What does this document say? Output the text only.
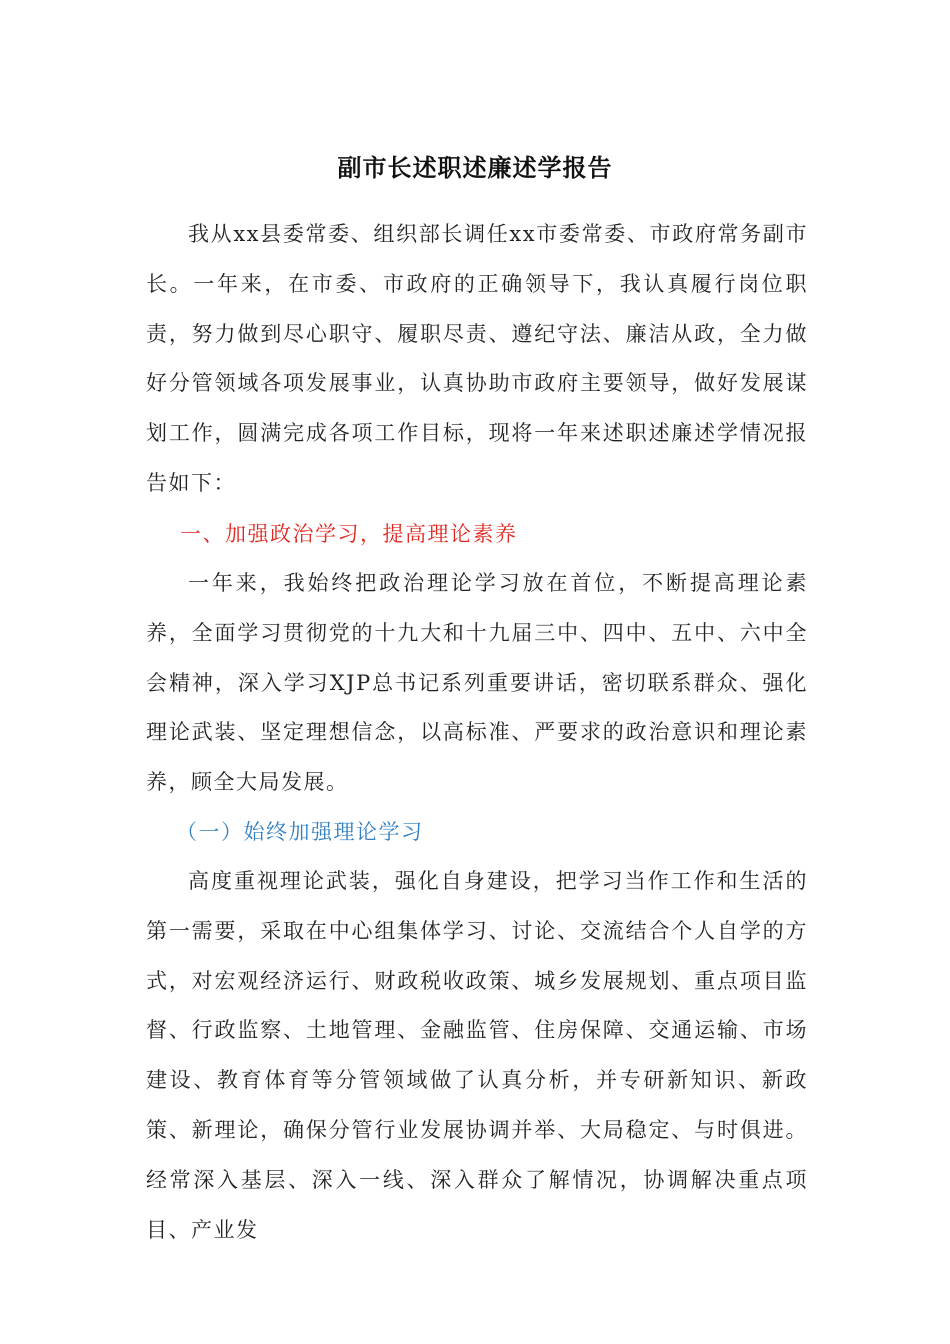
副市长述职述廉述学报告
我从xx县委常委、组织部长调任xx市委常委、市政府常务副市长。一年来，在市委、市政府的正确领导下，我认真履行岗位职责，努力做到尽心职守、履职尽责、遵纪守法、廉洁从政，全力做好分管领域各项发展事业，认真协助市政府主要领导，做好发展谋划工作，圆满完成各项工作目标，现将一年来述职述廉述学情况报告如下：
一、加强政治学习，提高理论素养
一年来，我始终把政治理论学习放在首位，不断提高理论素养，全面学习贯彻党的十九大和十九届三中、四中、五中、六中全会精神，深入学习XJP总书记系列重要讲话，密切联系群众、强化理论武装、坚定理想信念，以高标准、严要求的政治意识和理论素养，顾全大局发展。
（一）始终加强理论学习
高度重视理论武装，强化自身建设，把学习当作工作和生活的第一需要，采取在中心组集体学习、讨论、交流结合个人自学的方式，对宏观经济运行、财政税收政策、城乡发展规划、重点项目监督、行政监察、土地管理、金融监管、住房保障、交通运输、市场建设、教育体育等分管领域做了认真分析，并专研新知识、新政策、新理论，确保分管行业发展协调并举、大局稳定、与时俱进。经常深入基层、深入一线、深入群众了解情况，协调解决重点项目、产业发
